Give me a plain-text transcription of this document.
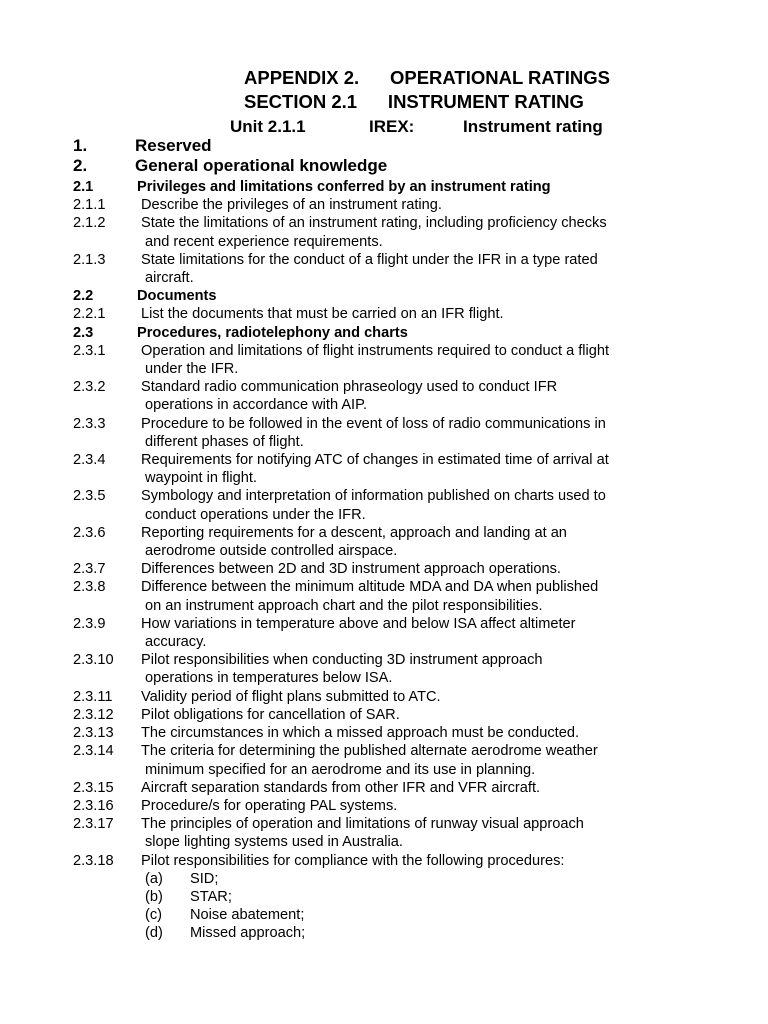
APPENDIX 2.      OPERATIONAL RATINGS
SECTION 2.1      INSTRUMENT RATING
Unit 2.1.1	IREX:	Instrument rating
1.	Reserved
2.	General operational knowledge
2.1	Privileges and limitations conferred by an instrument rating
2.1.1	Describe the privileges of an instrument rating.
2.1.2	State the limitations of an instrument rating, including proficiency checks
and recent experience requirements.
2.1.3	State limitations for the conduct of a flight under the IFR in a type rated
aircraft.
2.2	Documents
2.2.1	List the documents that must be carried on an IFR flight.
2.3	Procedures, radiotelephony and charts
2.3.1	Operation and limitations of flight instruments required to conduct a flight
under the IFR.
2.3.2	Standard radio communication phraseology used to conduct IFR
operations in accordance with AIP.
2.3.3	Procedure to be followed in the event of loss of radio communications in
different phases of flight.
2.3.4	Requirements for notifying ATC of changes in estimated time of arrival at
waypoint in flight.
2.3.5	Symbology and interpretation of information published on charts used to
conduct operations under the IFR.
2.3.6	Reporting requirements for a descent, approach and landing at an
aerodrome outside controlled airspace.
2.3.7	Differences between 2D and 3D instrument approach operations.
2.3.8	Difference between the minimum altitude MDA and DA when published
on an instrument approach chart and the pilot responsibilities.
2.3.9	How variations in temperature above and below ISA affect altimeter
accuracy.
2.3.10	Pilot responsibilities when conducting 3D instrument approach
operations in temperatures below ISA.
2.3.11	Validity period of flight plans submitted to ATC.
2.3.12	Pilot obligations for cancellation of SAR.
2.3.13	The circumstances in which a missed approach must be conducted.
2.3.14	The criteria for determining the published alternate aerodrome weather
minimum specified for an aerodrome and its use in planning.
2.3.15	Aircraft separation standards from other IFR and VFR aircraft.
2.3.16	Procedure/s for operating PAL systems.
2.3.17	The principles of operation and limitations of runway visual approach
slope lighting systems used in Australia.
2.3.18	Pilot responsibilities for compliance with the following procedures:
(a)	SID;
(b)	STAR;
(c)	Noise abatement;
(d)	Missed approach;
